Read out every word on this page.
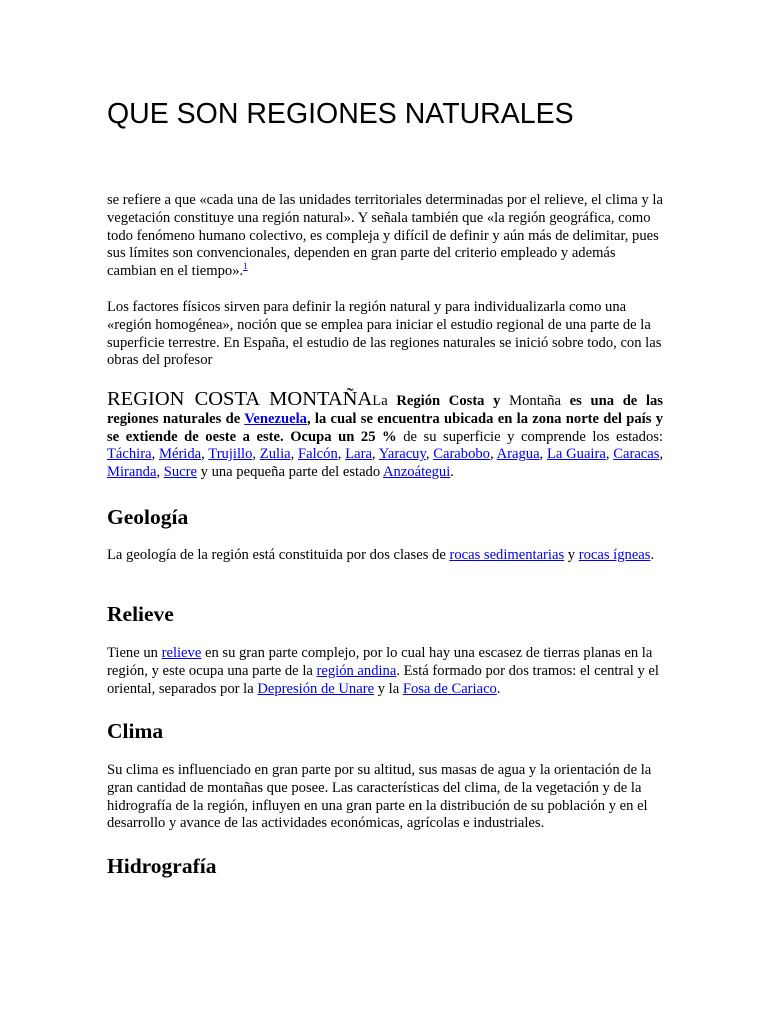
QUE SON REGIONES NATURALES

se refiere a que «cada una de las unidades territoriales determinadas por el relieve, el clima y la vegetación constituye una región natural». Y señala también que «la región geográfica, como todo fenómeno humano colectivo, es compleja y difícil de definir y aún más de delimitar, pues sus límites son convencionales, dependen en gran parte del criterio empleado y además cambian en el tiempo».$^1$

Los factores físicos sirven para definir la región natural y para individualizarla como una «región homogénea», noción que se emplea para iniciar el estudio regional de una parte de la superficie terrestre. En España, el estudio de las regiones naturales se inició sobre todo, con las obras del profesor

REGION COSTA MONTAÑALa Región Costa y Montaña es una de las regiones naturales de Venezuela, la cual se encuentra ubicada en la zona norte del país y se extiende de oeste a este. Ocupa un 25 % de su superficie y comprende los estados: Táchira, Mérida, Trujillo, Zulia, Falcón, Lara, Yaracuy, Carabobo, Aragua, La Guaira, Caracas, Miranda, Sucre y una pequeña parte del estado Anzoátegui.

Geología

La geología de la región está constituida por dos clases de rocas sedimentarias y rocas ígneas.

Relieve

Tiene un relieve en su gran parte complejo, por lo cual hay una escasez de tierras planas en la región, y este ocupa una parte de la región andina. Está formado por dos tramos: el central y el oriental, separados por la Depresión de Unare y la Fosa de Cariaco.

Clima

Su clima es influenciado en gran parte por su altitud, sus masas de agua y la orientación de la gran cantidad de montañas que posee. Las características del clima, de la vegetación y de la hidrografía de la región, influyen en una gran parte en la distribución de su población y en el desarrollo y avance de las actividades económicas, agrícolas e industriales.

Hidrografía
